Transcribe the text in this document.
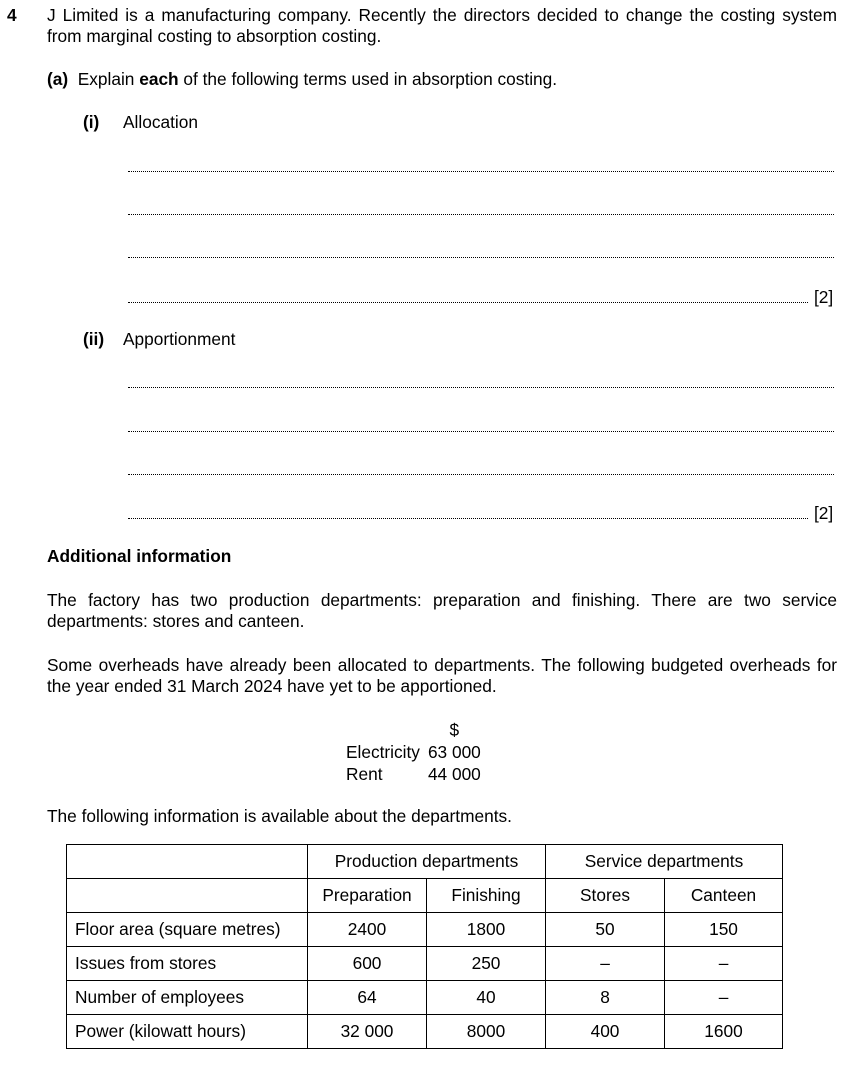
4 J Limited is a manufacturing company. Recently the directors decided to change the costing system from marginal costing to absorption costing.
(a) Explain each of the following terms used in absorption costing.
(i) Allocation
[2]
(ii) Apportionment
[2]
Additional information
The factory has two production departments: preparation and finishing. There are two service departments: stores and canteen.
Some overheads have already been allocated to departments. The following budgeted overheads for the year ended 31 March 2024 have yet to be apportioned.
	$
Electricity	63 000
Rent	44 000
The following information is available about the departments.
	Production departments		Service departments	
	Preparation	Finishing	Stores	Canteen
Floor area (square metres)	2400	1800	50	150
Issues from stores	600	250	–	–
Number of employees	64	40	8	–
Power (kilowatt hours)	32 000	8000	400	1600
